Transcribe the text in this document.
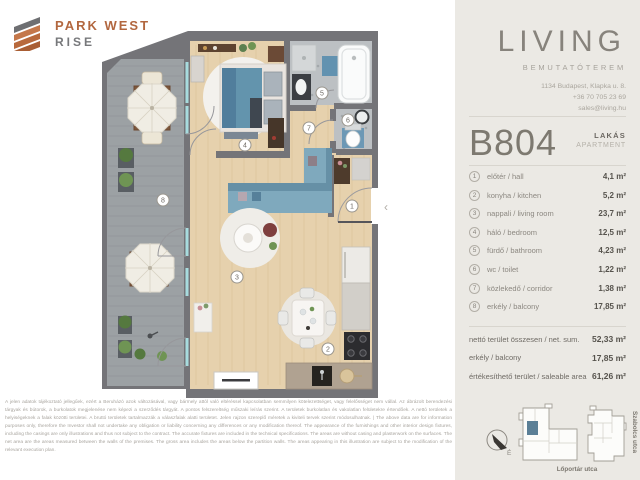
PARK WEST
RISE
1
2
3
4
5
6
7
8	‹
LIVING
BEMUTATÓTEREM
1134 Budapest, Klapka u. 8.
+36 70 705 23 69
sales@living.hu
B804	LAKÁS
APARTMENT
1	előtér / hall	4,1 m²
2	konyha / kitchen	5,2 m²
3	nappali / living room	23,7 m²
4	háló / bedroom	12,5 m²
5	fürdő / bathroom	4,23 m²
6	wc / toilet	1,22 m²
7	közlekedő / corridor	1,38 m²
8	erkély / balcony	17,85 m²
nettó terület összesen / net. sum. 52,33 m²
erkély / balcony	17,85 m²
értékesíthető terület / saleable area 61,26 m²
É
Lőportár utca
Szabolcs utca

A jelen adatok tájékoztató jellegűek, ezért a Beruházó azok változásával, vagy bármely attól való eltéréssel kapcsolatban semmilyen kötelezettséget, vagy felelősséget nem vállal. Az ábrázolt berendezési tárgyak és bútorok, a burkolatok megjelenése nem képezi a szerződés tárgyát. A pontos felszereltség műszaki leírás szerint. A területek burkolatlan és vakolatlan felületekre értendőek. A nettó területek a helyiségeknek a falak közötti területei. A bruttó területek tartalmazzák a válaszfalak alatti területet. Jelen rajzon szereplő méretek a kiviteli tervek szerint módosulhatnak. | The above data are for information purposes only, therefore the Investor shall not undertake any obligation or liability concerning any differences or any modification thereof. The appearance of the furnishings and other interior design fixtures, including the casings are only illustrations and thus not subject to the contract. The accurate fixtures are included in the technical specifications. The areas are without casing and plasterwork on the surfaces. The net area are the areas measured between the walls of the premises. The gross area includes the areas below the partition walls. The areas appearing in this illustration are subject to the modification of the relevant execution plan.
